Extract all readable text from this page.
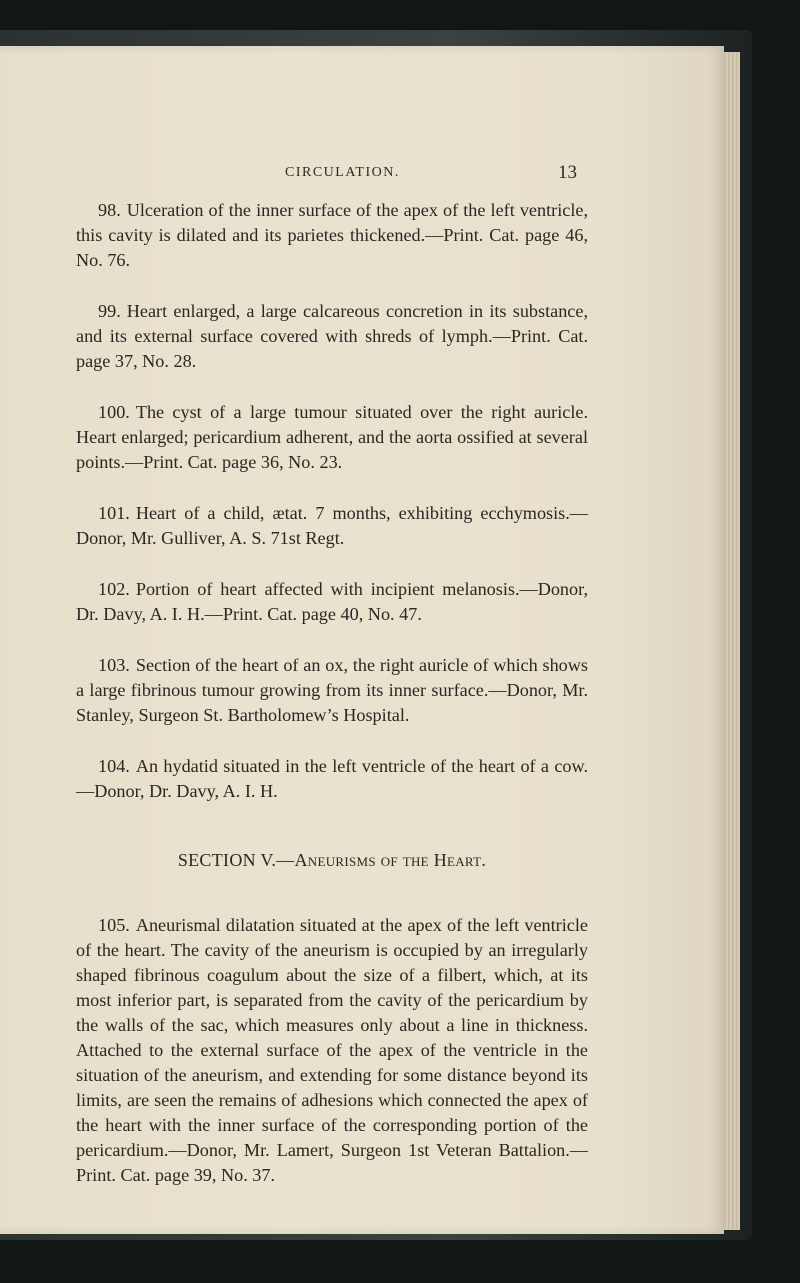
CIRCULATION.	13

98. Ulceration of the inner surface of the apex of the left ventricle, this cavity is dilated and its parietes thickened.—Print. Cat. page 46, No. 76.

99. Heart enlarged, a large calcareous concretion in its substance, and its external surface covered with shreds of lymph.—Print. Cat. page 37, No. 28.

100. The cyst of a large tumour situated over the right auricle. Heart enlarged; pericardium adherent, and the aorta ossified at several points.—Print. Cat. page 36, No. 23.

101. Heart of a child, ætat. 7 months, exhibiting ecchymosis.—Donor, Mr. Gulliver, A. S. 71st Regt.

102. Portion of heart affected with incipient melanosis.—Donor, Dr. Davy, A. I. H.—Print. Cat. page 40, No. 47.

103. Section of the heart of an ox, the right auricle of which shows a large fibrinous tumour growing from its inner surface.—Donor, Mr. Stanley, Surgeon St. Bartholomew’s Hospital.

104. An hydatid situated in the left ventricle of the heart of a cow.—Donor, Dr. Davy, A. I. H.

SECTION V.—Aneurisms of the Heart.

105. Aneurismal dilatation situated at the apex of the left ventricle of the heart. The cavity of the aneurism is occupied by an irregularly shaped fibrinous coagulum about the size of a filbert, which, at its most inferior part, is separated from the cavity of the pericardium by the walls of the sac, which measures only about a line in thickness. Attached to the external surface of the apex of the ventricle in the situation of the aneurism, and extending for some distance beyond its limits, are seen the remains of adhesions which connected the apex of the heart with the inner surface of the corresponding portion of the pericardium.—Donor, Mr. Lamert, Surgeon 1st Veteran Battalion.—Print. Cat. page 39, No. 37.
